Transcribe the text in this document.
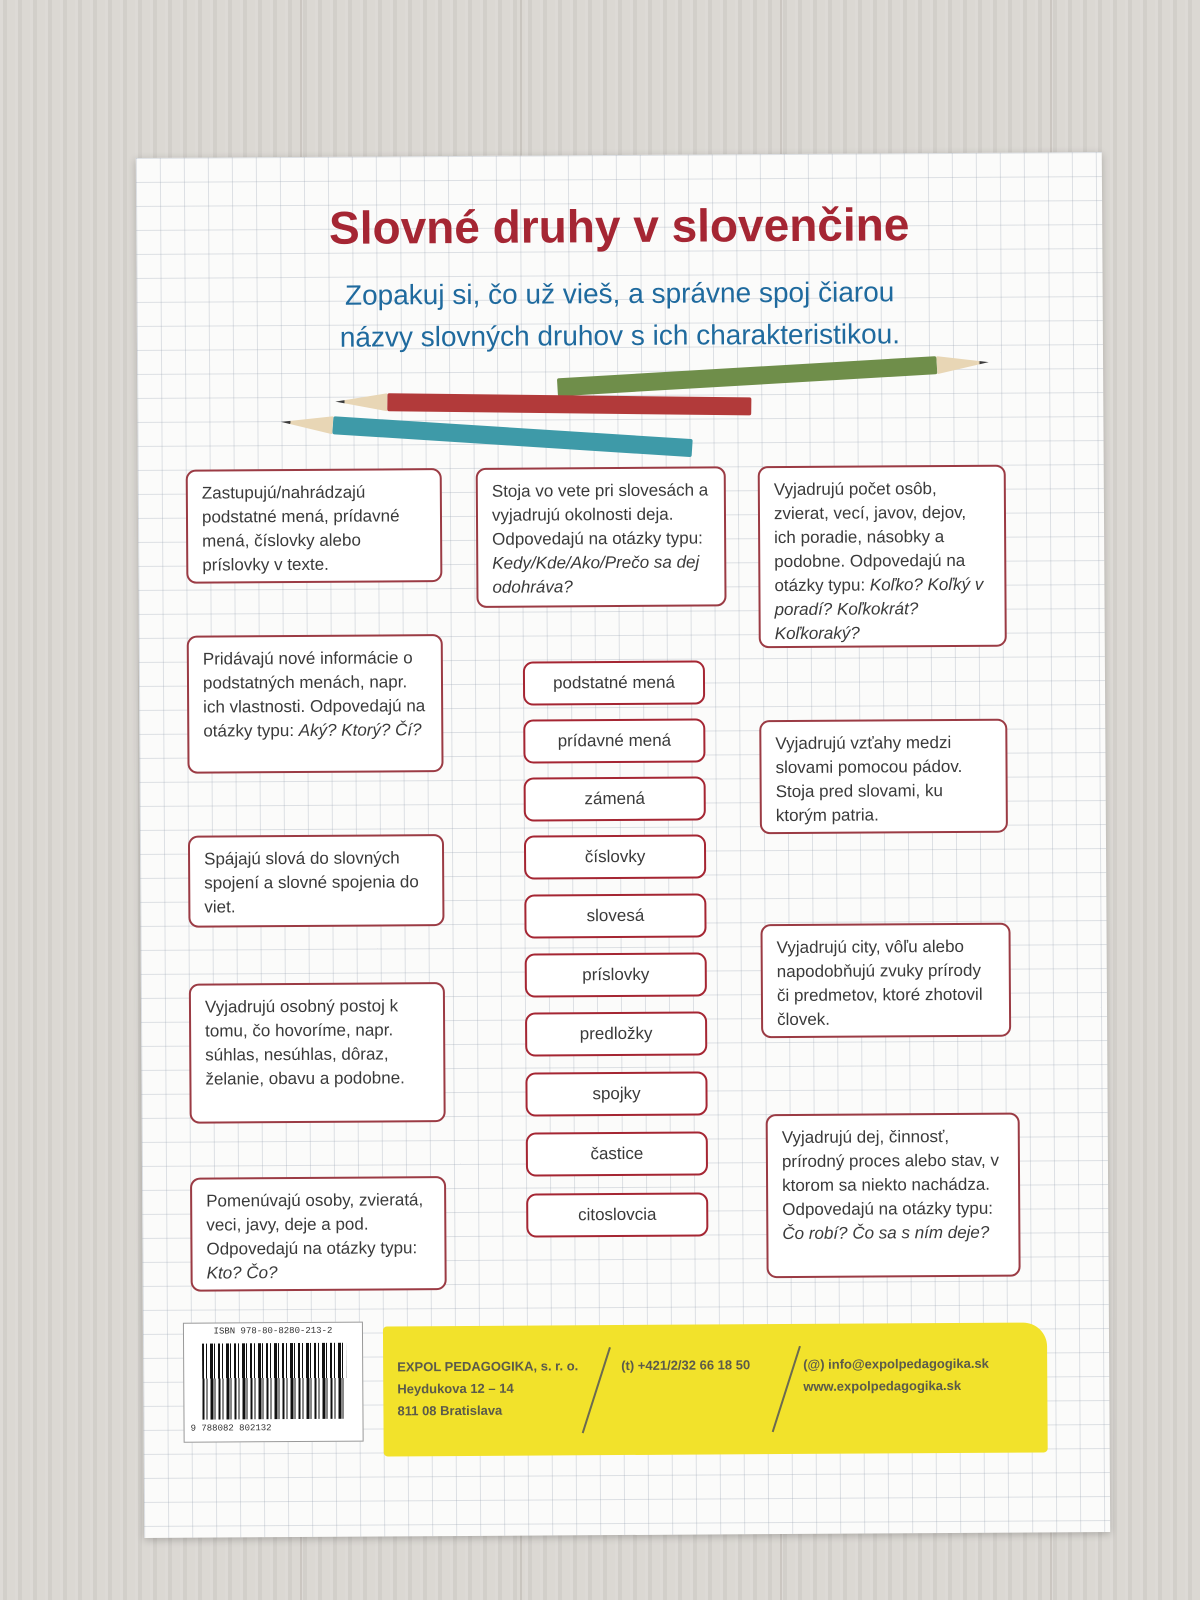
Slovné druhy v slovenčine
Zopakuj si, čo už vieš, a správne spoj čiarou
názvy slovných druhov s ich charakteristikou.
Zastupujú/nahrádzajú podstatné mená, prídavné mená, číslovky alebo príslovky v texte.
Stoja vo vete pri slovesách a vyjadrujú okolnosti deja. Odpovedajú na otázky typu: Kedy/Kde/Ako/Prečo sa dej odohráva?
Vyjadrujú počet osôb, zvierat, vecí, javov, dejov, ich poradie, násobky a podobne. Odpovedajú na otázky typu: Koľko? Koľký v poradí? Koľkokrát? Koľkoraký?
Pridávajú nové informácie o podstatných menách, napr. ich vlastnosti. Odpovedajú na otázky typu: Aký? Ktorý? Čí?
Vyjadrujú vzťahy medzi slovami pomocou pádov. Stoja pred slovami, ku ktorým patria.
Spájajú slová do slovných spojení a slovné spojenia do viet.
Vyjadrujú city, vôľu alebo napodobňujú zvuky prírody či predmetov, ktoré zhotovil človek.
Vyjadrujú osobný postoj k tomu, čo hovoríme, napr. súhlas, nesúhlas, dôraz, želanie, obavu a podobne.
Vyjadrujú dej, činnosť, prírodný proces alebo stav, v ktorom sa niekto nachádza. Odpovedajú na otázky typu: Čo robí? Čo sa s ním deje?
Pomenúvajú osoby, zvieratá, veci, javy, deje a pod. Odpovedajú na otázky typu: Kto? Čo?
podstatné mená
prídavné mená
zámená
číslovky
slovesá
príslovky
predložky
spojky
častice
citoslovcia
ISBN 978-80-8280-213-2
9 788082 802132
EXPOL PEDAGOGIKA, s. r. o.
Heydukova 12 – 14
811 08 Bratislava
(t) +421/2/32 66 18 50	(@) info@expolpedagogika.sk
www.expolpedagogika.sk
